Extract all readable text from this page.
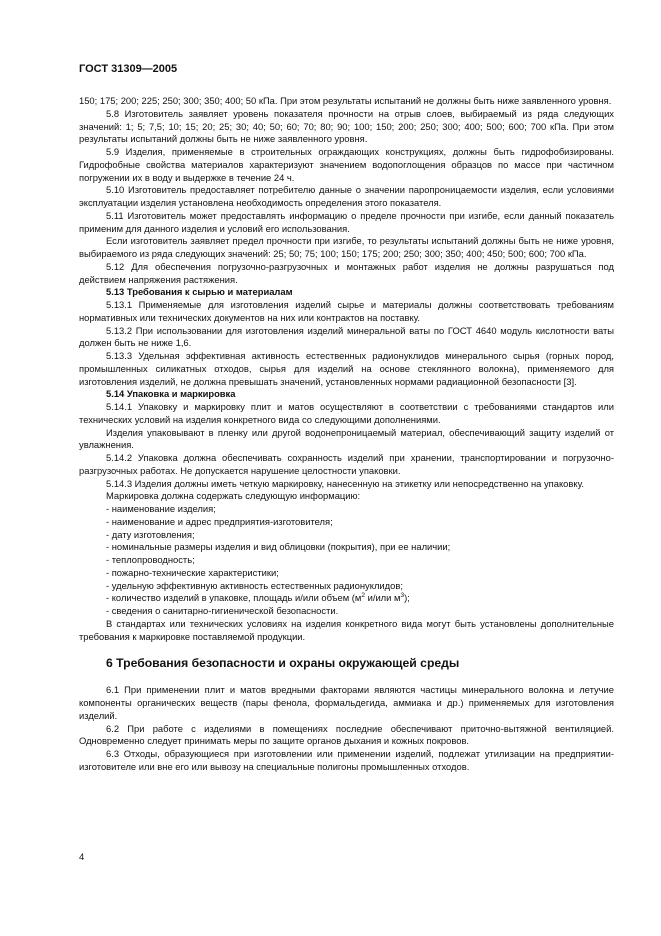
ГОСТ 31309—2005

150; 175; 200; 225; 250; 300; 350; 400; 50 кПа. При этом результаты испытаний не должны быть ниже заявленного уровня.

5.8 Изготовитель заявляет уровень показателя прочности на отрыв слоев, выбираемый из ряда следующих значений: 1; 5; 7,5; 10; 15; 20; 25; 30; 40; 50; 60; 70; 80; 90; 100; 150; 200; 250; 300; 400; 500; 600; 700 кПа. При этом результаты испытаний должны быть не ниже заявленного уровня.

5.9 Изделия, применяемые в строительных ограждающих конструкциях, должны быть гидрофобизированы. Гидрофобные свойства материалов характеризуют значением водопоглощения образцов по массе при частичном погружении их в воду и выдержке в течение 24 ч.

5.10 Изготовитель предоставляет потребителю данные о значении паропроницаемости изделия, если условиями эксплуатации изделия установлена необходимость определения этого показателя.

5.11 Изготовитель может предоставлять информацию о пределе прочности при изгибе, если данный показатель применим для данного изделия и условий его использования.

Если изготовитель заявляет предел прочности при изгибе, то результаты испытаний должны быть не ниже уровня, выбираемого из ряда следующих значений: 25; 50; 75; 100; 150; 175; 200; 250; 300; 350; 400; 450; 500; 600; 700 кПа.

5.12 Для обеспечения погрузочно-разгрузочных и монтажных работ изделия не должны разрушаться под действием напряжения растяжения.

5.13 Требования к сырью и материалам

5.13.1 Применяемые для изготовления изделий сырье и материалы должны соответствовать требованиям нормативных или технических документов на них или контрактов на поставку.

5.13.2 При использовании для изготовления изделий минеральной ваты по ГОСТ 4640 модуль кислотности ваты должен быть не ниже 1,6.

5.13.3 Удельная эффективная активность естественных радионуклидов минерального сырья (горных пород, промышленных силикатных отходов, сырья для изделий на основе стеклянного волокна), применяемого для изготовления изделий, не должна превышать значений, установленных нормами радиационной безопасности [3].

5.14 Упаковка и маркировка

5.14.1 Упаковку и маркировку плит и матов осуществляют в соответствии с требованиями стандартов или технических условий на изделия конкретного вида со следующими дополнениями.

Изделия упаковывают в пленку или другой водонепроницаемый материал, обеспечивающий защиту изделий от увлажнения.

5.14.2 Упаковка должна обеспечивать сохранность изделий при хранении, транспортировании и погрузочно-разгрузочных работах. Не допускается нарушение целостности упаковки.

5.14.3 Изделия должны иметь четкую маркировку, нанесенную на этикетку или непосредственно на упаковку.

Маркировка должна содержать следующую информацию:

- наименование изделия;

- наименование и адрес предприятия-изготовителя;

- дату изготовления;

- номинальные размеры изделия и вид облицовки (покрытия), при ее наличии;

- теплопроводность;

- пожарно-технические характеристики;

- удельную эффективную активность естественных радионуклидов;

- количество изделий в упаковке, площадь и/или объем ($м^2$ и/или $м^3$);

- сведения о санитарно-гигиенической безопасности.

В стандартах или технических условиях на изделия конкретного вида могут быть установлены дополнительные требования к маркировке поставляемой продукции.

6 Требования безопасности и охраны окружающей среды

6.1 При применении плит и матов вредными факторами являются частицы минерального волокна и летучие компоненты органических веществ (пары фенола, формальдегида, аммиака и др.) применяемых для изготовления изделий.

6.2 При работе с изделиями в помещениях последние обеспечивают приточно-вытяжной вентиляцией. Одновременно следует принимать меры по защите органов дыхания и кожных покровов.

6.3 Отходы, образующиеся при изготовлении или применении изделий, подлежат утилизации на предприятии-изготовителе или вне его или вывозу на специальные полигоны промышленных отходов.

4
